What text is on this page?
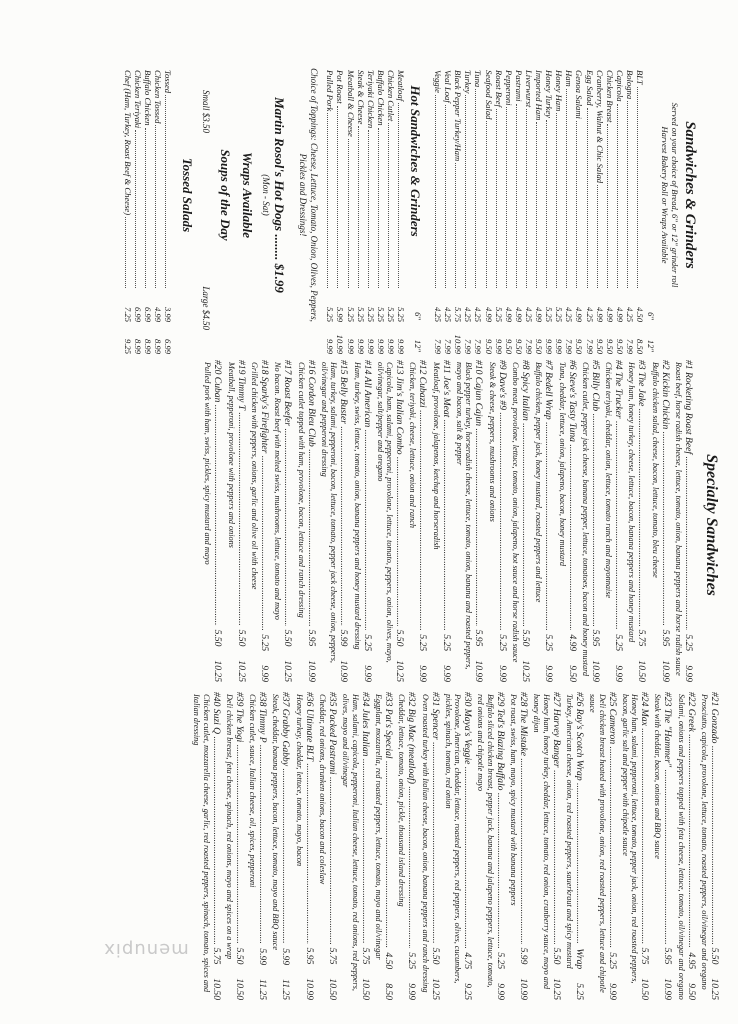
Sandwiches & Grinders
Served on your choice of Bread, 6" or 12" grinder roll
Harvest Bakery Roll or Wraps Available
6"
12"
BLT
4.50
8.50
Bologna
4.25
7.99
Capicola
4.99
9.50
Chicken Breast
4.99
9.50
Cranberry, Walnut & Chic Salad
4.99
9.50
Egg Salad
4.25
7.99
Genoa Salami
4.99
9.50
Ham
4.25
7.99
Honey Ham
5.25
9.99
Honey Turkey
5.25
9.99
Imported Ham
4.99
9.50
Liverwurst
4.25
7.99
Pastrami
4.99
9.50
Pepperoni
4.99
9.50
Roast Beef
5.25
9.99
Seafood Salad
4.99
9.50
Tuna
4.25
7.99
Turkey
4.25
7.99
Black Pepper Turkey/Ham
5.75
10.99
Veal Loaf
4.25
7.99
Veggie
4.25
7.99
Hot Sandwiches & Grinders
6"
12"
Meatloaf
5.25
9.99
Chicken Cutlet
5.25
9.99
Buffalo Chicken
5.25
9.99
Teriyaki Chicken
5.25
9.99
Steak & Cheese
5.25
9.99
Meatball & Cheese
5.25
9.99
Pot Roast
5.99
10.99
Pulled Pork
5.25
9.99
Choice of Toppings: Cheese, Lettuce, Tomato, Onion, Olives, Peppers, Pickles and Dressings!
Martin Rosol's Hot Dogs ........ $1.99
(Mon - Sat)
Wraps Available
Soups of the Day
Small $3.50
Large $4.50
Tossed Salads
Tossed
3.99
6.99
Chicken Tossed
4.99
8.99
Buffalo Chicken
6.99
8.99
Chicken Teriyaki
6.99
8.99
Chef (Ham, Turkey, Roast Beef & Cheese)
7.25
9.25
Specialty Sandwiches
#1 Rocketing Roast Beef .....
5.25
9.99
Roast beef, horse radish cheese, lettuce, tomato, onion, banana peppers and horse radish sauce
#2 Kickin Chickin .....
5.95
10.99
Buffalo chicken salad, cheese, bacon, lettuce, tomato, bleu cheese
#3 The Jake .....
5.75
10.50
Honey ham, honey turkey, cheese, lettuce, bacon, banana peppers and honey mustard
#4 The Trucker .....
5.25
9.99
Chicken teriyaki, cheddar, onion, lettuce, tomato ranch and mayonnaise
#5 Billy Club .....
5.95
10.99
Chicken cutlet, pepper jack cheese, banana pepper, lettuce, tomatoes, bacon and honey mustard
#6 Steve's Tasty Tuna .....
4.99
9.50
Tuna, cheddar, lettuce, onion, jalapeno, bacon, honey mustard
#7 Bedell Wrap .....
5.25
9.99
Buffalo chicken, pepper jack, honey mustard, roasted peppers and lettuce
#8 Spicy Italian .....
5.50
10.25
Combo meat, provolone, lettuce, tomato, onion, jalapeno, hot sauce and horse radish sauce
#9 Dave's #9 .....
5.25
9.99
Steak & cheese, peppers, mushrooms and onions
#10 Cajun Cajun .....
5.95
10.99
Black pepper turkey, horseradish cheese, lettuce, tomato, onion, banana and roasted peppers, mayo and bacon, salt & pepper
#11 Joe's Meat .....
5.25
9.99
Meatloaf, provolone, jalapenos, ketchup and horseradish
#12 Cubazzi .....
5.25
9.99
Chicken, teriyaki, cheese, lettuce, onion and ranch
#13 Jim's Italian Combo .....
5.50
10.25
Capicola, ham, salami, pepperoni, provolone, lettuce, tomato, peppers, onion, olives, mayo, oil/vinegar, salt/pepper and oregano
#14 All American .....
5.25
9.99
Ham, turkey, swiss, lettuce, tomato, onion, banana peppers and honey mustard dressing
#15 Belly Buster .....
5.99
10.99
Ham, turkey, salami, pepperoni, bacon, lettuce, tomato, pepper jack cheese, onion, peppers, oil/vinegar and pepperoni dressing
#16 Cordon Bleu Club .....
5.95
10.99
Chicken cutlet topped with ham, provolone, bacon, lettuce and ranch dressing
#17 Roast Beefer .....
5.50
10.25
No bacon. Roast beef with melted swiss, mushrooms, lettuce, tomato and mayo
#18 Sparky's Firefighter .....
5.25
9.99
Grilled chicken with peppers, onions, garlic and olive oil with cheese
#19 Timmy T .....
5.50
10.25
Meatball, pepperoni, provolone with peppers and onions
#20 Cuban .....
5.50
10.25
Pulled pork with ham, swiss, pickles, spicy mustard and mayo
#21 Gonzado .....
5.50
10.25
Prosciutto, capicola, provolone, lettuce, tomato, roasted peppers, oil/vinegar and oregano
#22 Greek .....
4.95
9.50
Salami, onions and peppers topped with feta cheese, lettuce, tomato, oil/vinegar and oregano
#23 The "Hammer" .....
5.95
10.99
Steak with cheddar, bacon, onions and BBQ sauce
#24 Max .....
5.75
10.50
Honey ham, salami, pepperoni, lettuce, tomato, pepper jack, onion, red roasted peppers, bacon, garlic salt and pepper with chipotle sauce
#25 Cameron .....
5.25
9.99
Deli chicken breast heated with provolone, onion, red roasted peppers, lettuce and chipotle sauce
#26 Ray's Scotch Wrap .....
Wrap
5.25
Turkey, American cheese, onion, red roasted peppers, sauerkraut and spicy mustard
#27 Harvey Banger .....
5.50
10.25
Honey ham, honey turkey, cheddar, lettuce, tomato, red onion, cranberry sauce, mayo and honey dijon
#28 The Mistake .....
5.99
10.99
Pot roast, swiss, ham, mayo, spicy mustard with banana peppers
#29 Ted's Blazing Buffalo .....
5.25
9.99
Buffalo sliced chicken breast, pepper jack, banana and jalapeno peppers, lettuce, tomato, red onions and chipotle mayo
#30 Maya's Veggie .....
4.75
9.25
Provolone, American, cheddar, lettuce, roasted peppers, red peppers, olives, cucumbers, pickles, spinach, tomato, red onion
#31 Spencer .....
5.50
10.25
Oven roasted turkey with Italian cheese, bacon, onion, banana peppers and ranch dressing
#32 Big Mac (meatloaf) .....
5.25
9.99
Cheddar, lettuce, tomato, onion, pickle, thousand island dressing
#33 Pat's Special .....
4.50
8.50
Eggplant, mozzarella, red roasted peppers, lettuce, tomato, mayo and oil/vinegar
#34 Jules Italian .....
5.75
10.50
Ham, salami, capicola, pepperoni, Italian cheese, lettuce, tomato, red onions, red peppers, olives, mayo and oil/vinegar
#35 Packed Pastrami .....
5.75
10.50
Cheddar, red onions, drunken onions, bacon and coleslaw
#36 Ultimate BLT .....
5.95
10.99
Honey turkey, cheddar, lettuce, tomato, mayo, bacon
#37 Grabby Gabby .....
5.99
11.25
Steak, cheddar, banana peppers, bacon, lettuce, tomato, mayo and BBQ sauce
#38 Timmy P .....
5.99
11.25
Chicken cutlet, sauce, Italian cheese, oil, spices, pepperoni
#39 The Yogi .....
5.50
10.50
Deli chicken breast, feta cheese, spinach, red onions, mayo and spices on a wrap
#40 Suzi Q .....
5.75
10.50
Chicken cutlet, mozzarella cheese, garlic, red roasted peppers, spinach, tomato, spices and Italian dressing
menupix
